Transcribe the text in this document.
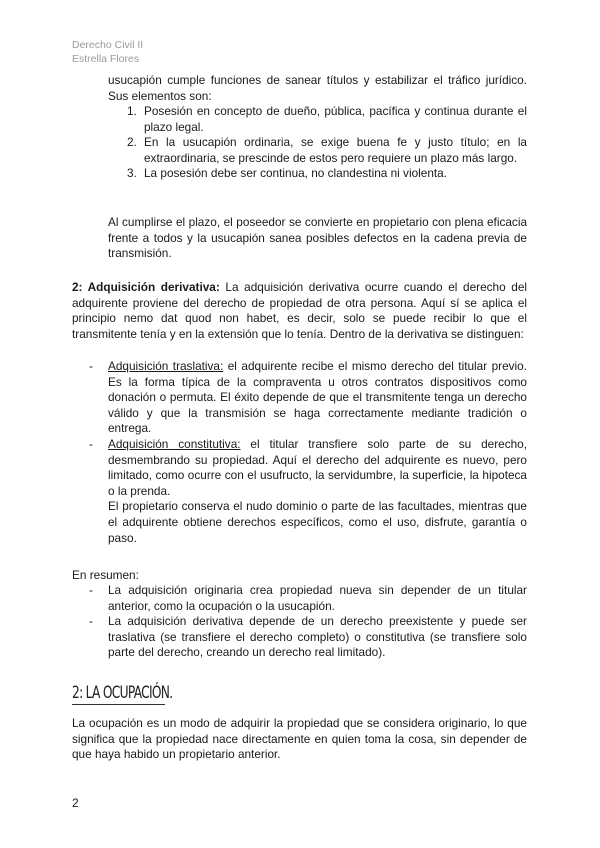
Derecho Civil II
Estrella Flores
usucapión cumple funciones de sanear títulos y estabilizar el tráfico jurídico. Sus elementos son:
1. Posesión en concepto de dueño, pública, pacífica y continua durante el plazo legal.
2. En la usucapión ordinaria, se exige buena fe y justo título; en la extraordinaria, se prescinde de estos pero requiere un plazo más largo.
3. La posesión debe ser continua, no clandestina ni violenta.
Al cumplirse el plazo, el poseedor se convierte en propietario con plena eficacia frente a todos y la usucapión sanea posibles defectos en la cadena previa de transmisión.
2: Adquisición derivativa: La adquisición derivativa ocurre cuando el derecho del adquirente proviene del derecho de propiedad de otra persona. Aquí sí se aplica el principio nemo dat quod non habet, es decir, solo se puede recibir lo que el transmitente tenía y en la extensión que lo tenía. Dentro de la derivativa se distinguen:
- Adquisición traslativa: el adquirente recibe el mismo derecho del titular previo. Es la forma típica de la compraventa u otros contratos dispositivos como donación o permuta. El éxito depende de que el transmitente tenga un derecho válido y que la transmisión se haga correctamente mediante tradición o entrega.
- Adquisición constitutiva: el titular transfiere solo parte de su derecho, desmembrando su propiedad. Aquí el derecho del adquirente es nuevo, pero limitado, como ocurre con el usufructo, la servidumbre, la superficie, la hipoteca o la prenda.
El propietario conserva el nudo dominio o parte de las facultades, mientras que el adquirente obtiene derechos específicos, como el uso, disfrute, garantía o paso.
En resumen:
- La adquisición originaria crea propiedad nueva sin depender de un titular anterior, como la ocupación o la usucapión.
- La adquisición derivativa depende de un derecho preexistente y puede ser traslativa (se transfiere el derecho completo) o constitutiva (se transfiere solo parte del derecho, creando un derecho real limitado).
2: LA OCUPACIÓN.
La ocupación es un modo de adquirir la propiedad que se considera originario, lo que significa que la propiedad nace directamente en quien toma la cosa, sin depender de que haya habido un propietario anterior.
2
